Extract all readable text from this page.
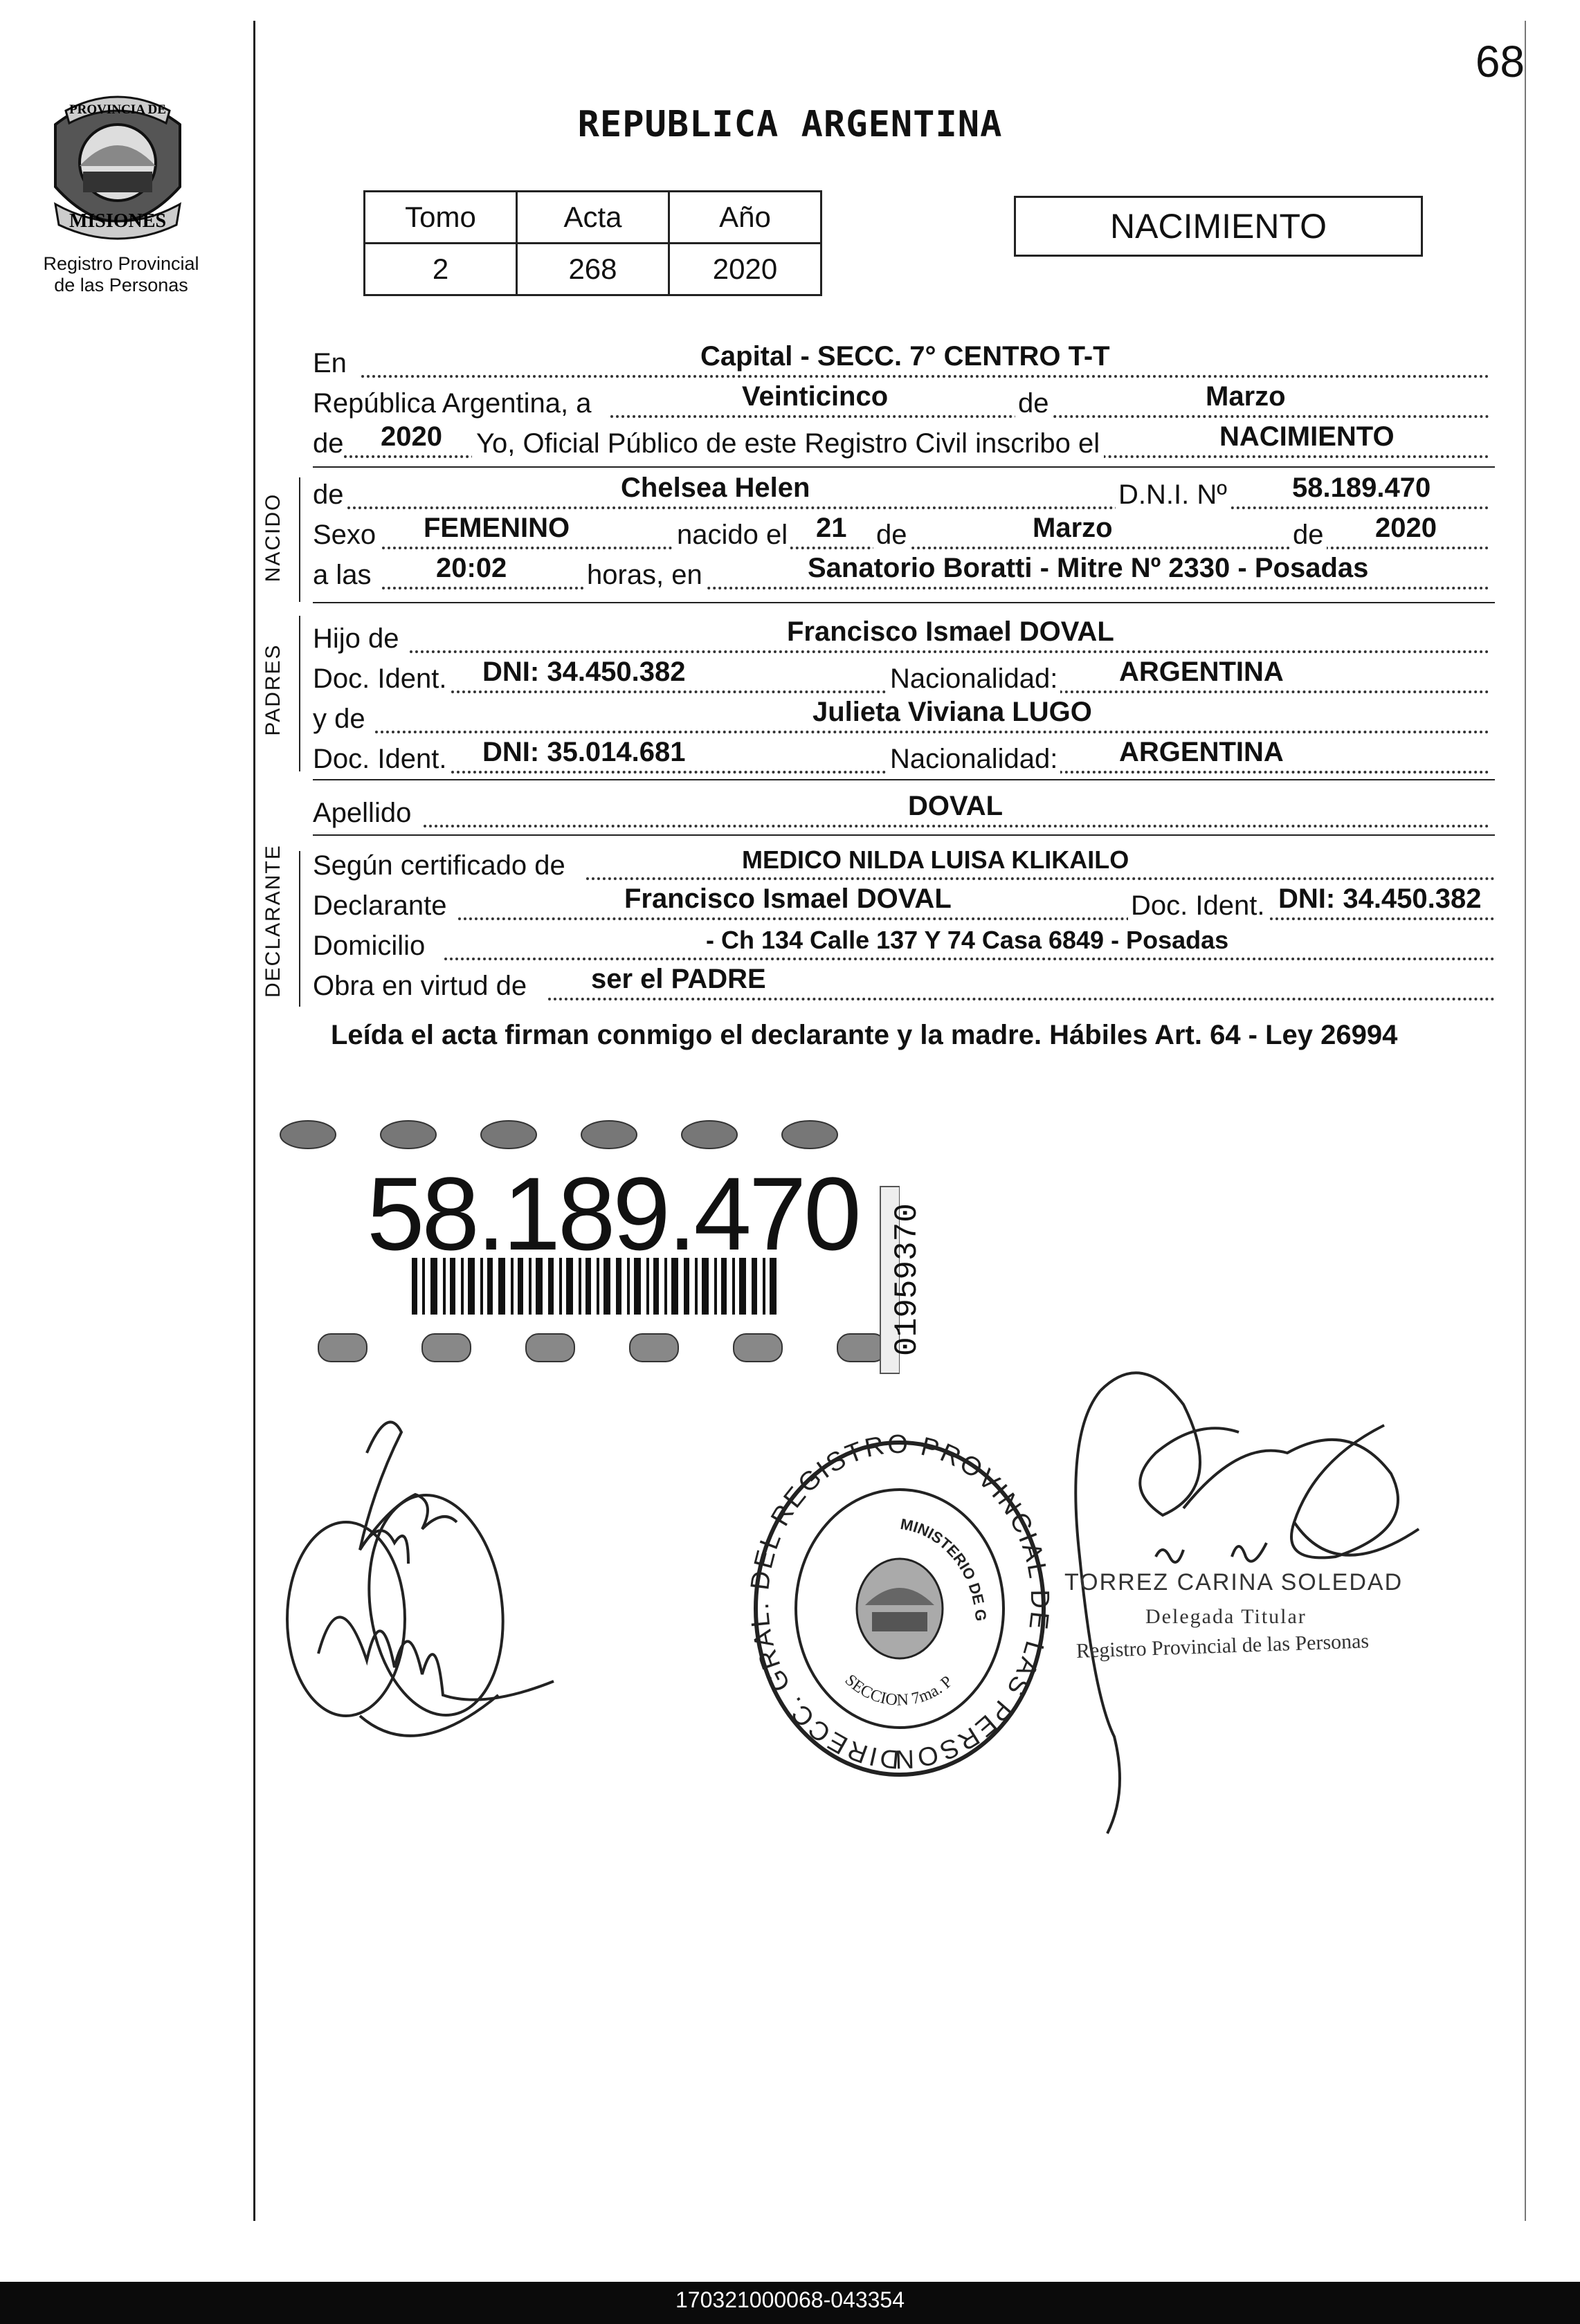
PROVINCIA DE
MISIONES
Registro Provincial
de las Personas
68
REPUBLICA ARGENTINA
Tomo	Acta	Año
2	268	2020
NACIMIENTO
En	Capital - SECC. 7° CENTRO T-T
República Argentina, a	Veinticinco	de	Marzo
de 2020 Yo, Oficial Público de este Registro Civil inscribo el	NACIMIENTO
NACIDO de	Chelsea Helen	D.N.I. Nº 58.189.470
Sexo FEMENINO	nacido el 21 de	Marzo	de 2020
a las 20:02	horas, en	Sanatorio Boratti - Mitre Nº 2330 - Posadas
PADRES
Hijo de	Francisco Ismael DOVAL
Doc. Ident. DNI: 34.450.382	Nacionalidad: ARGENTINA
y de	Julieta Viviana LUGO
Doc. Ident. DNI: 35.014.681	Nacionalidad: ARGENTINA
Apellido	DOVAL
DECLARANTE Según certificado de	MEDICO NILDA LUISA KLIKAILO
Declarante	Francisco Ismael DOVAL	Doc. Ident. DNI: 34.450.382
Domicilio	- Ch 134 Calle 137 Y 74 Casa 6849 - Posadas
Obra en virtud de ser el PADRE
Leída el acta firman conmigo el declarante y la madre. Hábiles Art. 64 - Ley 26994
58.189.470 01959370
DIRECC. GRAL. DEL REGISTRO PROVINCIAL DE LAS PERSON
MINISTERIO DE G
SECCION 7ma. P
TORREZ CARINA SOLEDAD
Delegada Titular
Registro Provincial de las Personas
170321000068-043354
